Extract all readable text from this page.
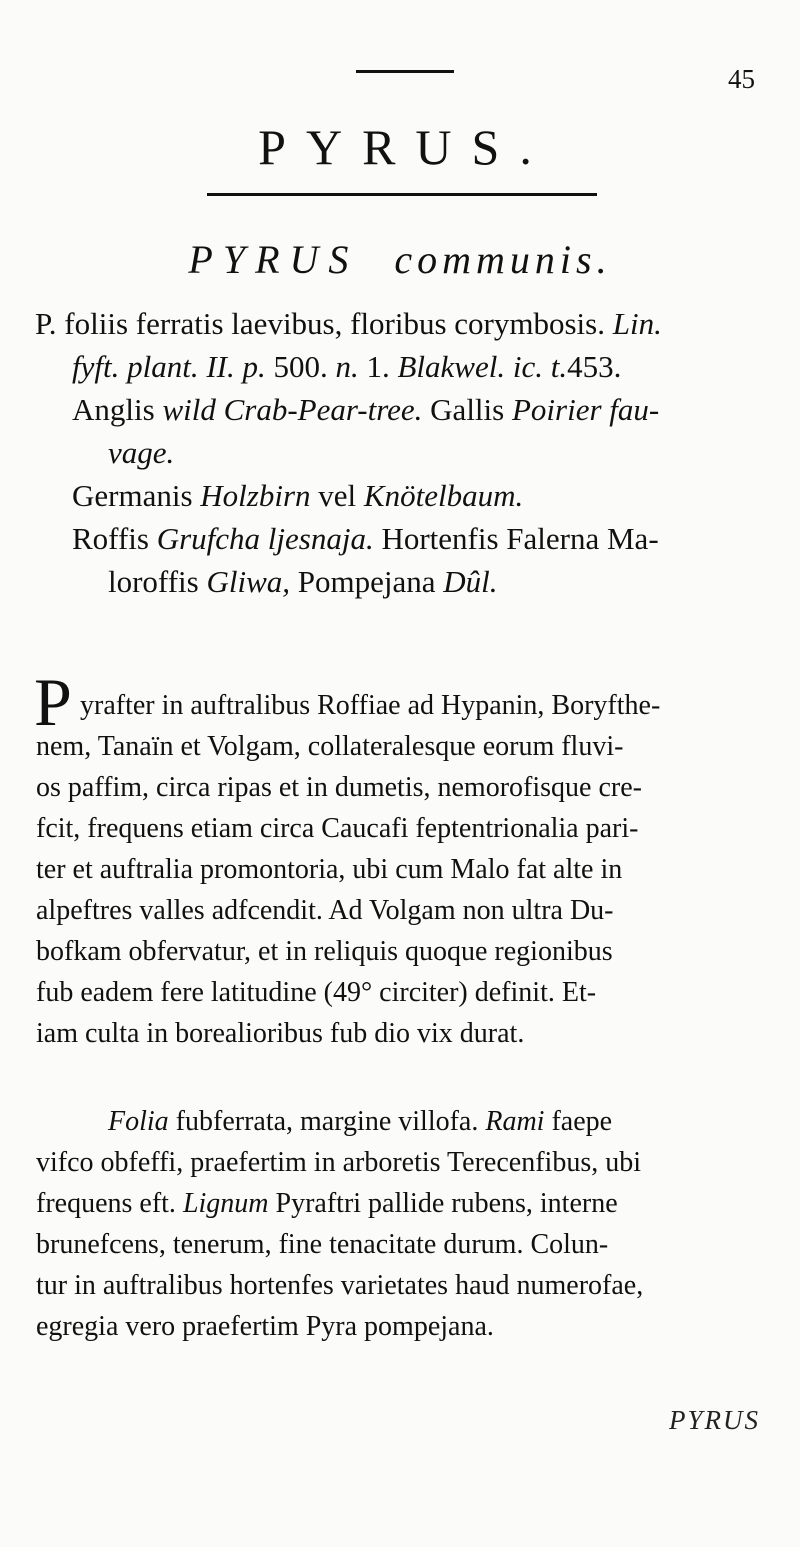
45
PYRUS.
PYRUS communis.
P. foliis ferratis laevibus, floribus corymbosis. Lin.
fyft. plant. II. p. 500. n. 1. Blakwel. ic. t.453.
Anglis wild Crab-Pear-tree. Gallis Poirier fau-
vage.
Germanis Holzbirn vel Knötelbaum.
Roffis Grufcha ljesnaja. Hortenfis Falerna Ma-
loroffis Gliwa, Pompejana Dûl.
P yrafter in auftralibus Roffiae ad Hypanin, Boryfthe-
nem, Tanaïn et Volgam, collateralesque eorum fluvi-
os paffim, circa ripas et in dumetis, nemorofisque cre-
fcit, frequens etiam circa Caucafi feptentrionalia pari-
ter et auftralia promontoria, ubi cum Malo fat alte in
alpeftres valles adfcendit. Ad Volgam non ultra Du-
bofkam obfervatur, et in reliquis quoque regionibus
fub eadem fere latitudine (49° circiter) definit. Et-
iam culta in borealioribus fub dio vix durat.
Folia fubferrata, margine villofa. Rami faepe
vifco obfeffi, praefertim in arboretis Terecenfibus, ubi
frequens eft. Lignum Pyraftri pallide rubens, interne
brunefcens, tenerum, fine tenacitate durum. Colun-
tur in auftralibus hortenfes varietates haud numerofae,
egregia vero praefertim Pyra pompejana.
PYRUS
